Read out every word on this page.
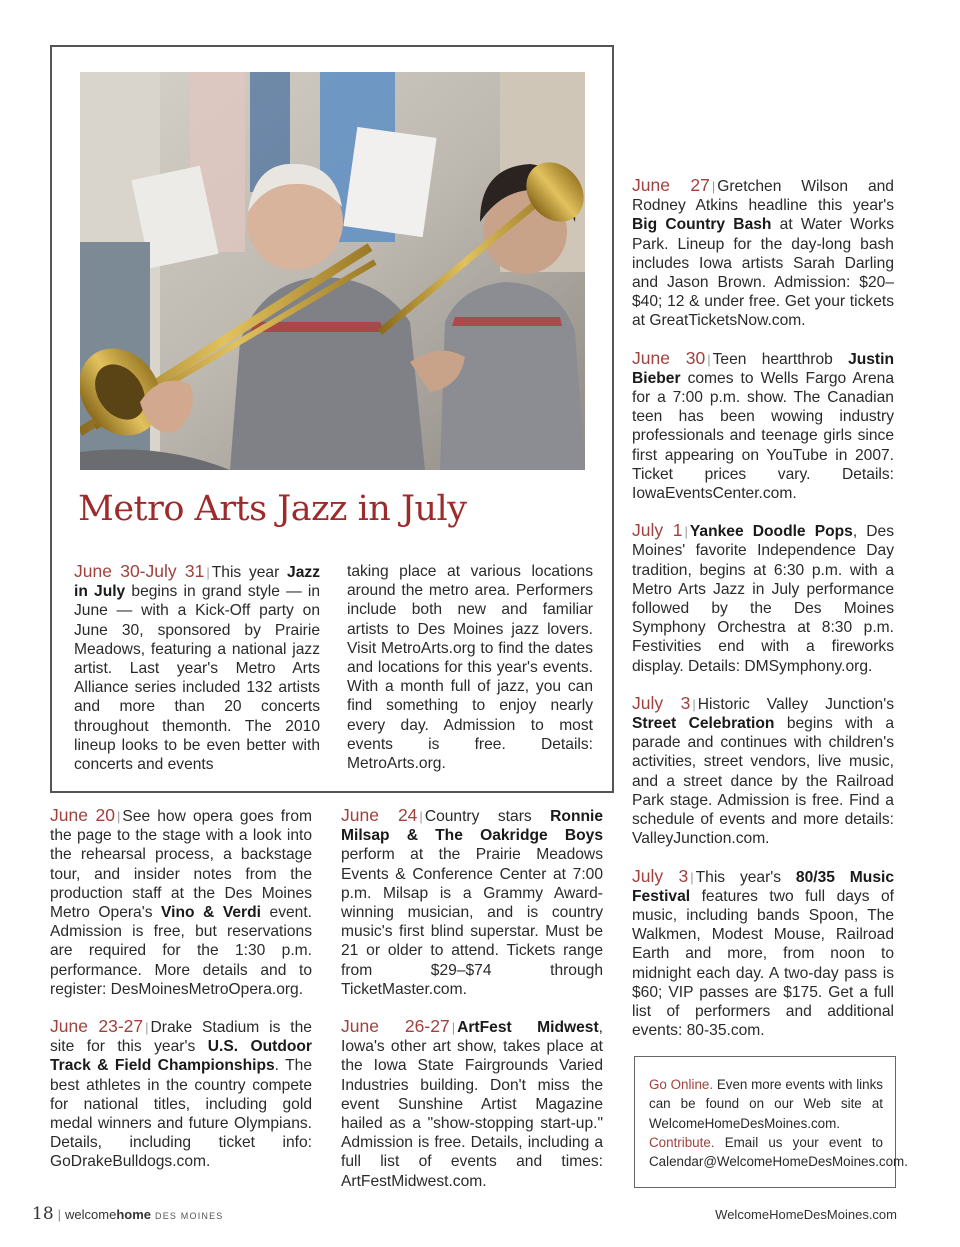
Metro Arts Jazz in July

June 30-July 31 | This year Jazz in July begins in grand style — in June — with a Kick-Off party on June 30, sponsored by Prairie Meadows, featuring a national jazz artist. Last year's Metro Arts Alliance series included 132 artists and more than 20 concerts throughout themonth. The 2010 lineup looks to be even better with concerts and events

taking place at various locations around the metro area. Performers include both new and familiar artists to Des Moines jazz lovers. Visit MetroArts.org to find the dates and locations for this year's events. With a month full of jazz, you can find something to enjoy nearly every day. Admission to most events is free. Details: MetroArts.org.

June 20 | See how opera goes from the page to the stage with a look into the rehearsal process, a backstage tour, and insider notes from the production staff at the Des Moines Metro Opera's Vino & Verdi event. Admission is free, but reservations are required for the 1:30 p.m. performance. More details and to register: DesMoinesMetroOpera.org.

June 23-27 | Drake Stadium is the site for this year's U.S. Outdoor Track & Field Championships. The best athletes in the country compete for national titles, including gold medal winners and future Olympians. Details, including ticket info: GoDrakeBulldogs.com.

June 24 | Country stars Ronnie Milsap & The Oakridge Boys perform at the Prairie Meadows Events & Conference Center at 7:00 p.m. Milsap is a Grammy Award-winning musician, and is country music's first blind superstar. Must be 21 or older to attend. Tickets range from $29–$74 through TicketMaster.com.

June 26-27 | ArtFest Midwest, Iowa's other art show, takes place at the Iowa State Fairgrounds Varied Industries building. Don't miss the event Sunshine Artist Magazine hailed as a "show-stopping start-up." Admission is free. Details, including a full list of events and times: ArtFestMidwest.com.

June 27 | Gretchen Wilson and Rodney Atkins headline this year's Big Country Bash at Water Works Park. Lineup for the day-long bash includes Iowa artists Sarah Darling and Jason Brown. Admission: $20–$40; 12 & under free. Get your tickets at GreatTicketsNow.com.

June 30 | Teen heartthrob Justin Bieber comes to Wells Fargo Arena for a 7:00 p.m. show. The Canadian teen has been wowing industry professionals and teenage girls since first appearing on YouTube in 2007. Ticket prices vary. Details: IowaEventsCenter.com.

July 1 | Yankee Doodle Pops, Des Moines' favorite Independence Day tradition, begins at 6:30 p.m. with a Metro Arts Jazz in July performance followed by the Des Moines Symphony Orchestra at 8:30 p.m. Festivities end with a fireworks display. Details: DMSymphony.org.

July 3 | Historic Valley Junction's Street Celebration begins with a parade and continues with children's activities, street vendors, live music, and a street dance by the Railroad Park stage. Admission is free. Find a schedule of events and more details: ValleyJunction.com.

July 3 | This year's 80/35 Music Festival features two full days of music, including bands Spoon, The Walkmen, Modest Mouse, Railroad Earth and more, from noon to midnight each day. A two-day pass is $60; VIP passes are $175. Get a full list of performers and additional events: 80-35.com.

Go Online. Even more events with links can be found on our Web site at WelcomeHomeDesMoines.com.

Contribute. Email us your event to Calendar@WelcomeHomeDesMoines.com.

18 | welcomehome DES MOINES	WelcomeHomeDesMoines.com
